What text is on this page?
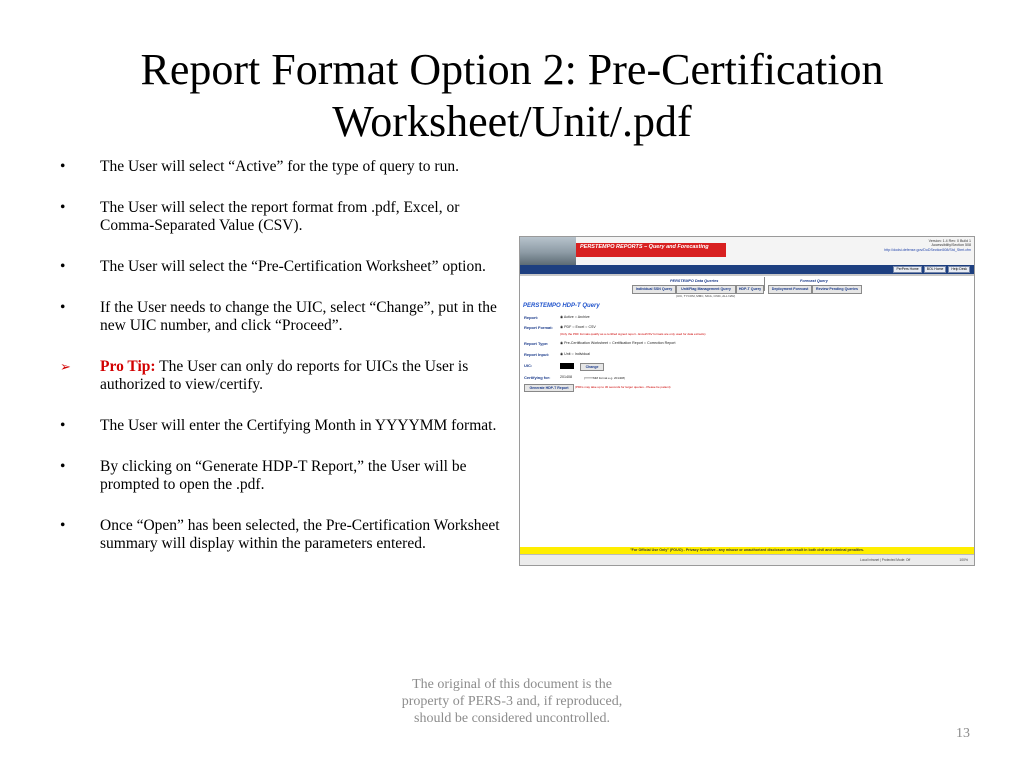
Report Format Option 2: Pre-Certification
Worksheet/Unit/.pdf
•	The User will select “Active” for the type of query to run.
•	The User will select the report format from .pdf, Excel, or Comma-Separated Value (CSV).
•	The User will select the “Pre-Certification Worksheet” option.
•	If the User needs to change the UIC, select “Change”, put in the new UIC number, and click “Proceed”.
➢	Pro Tip: The User can only do reports for UICs the User is authorized to view/certify.
•	The User will enter the Certifying Month in YYYYMM format.
•	By clicking on “Generate HDP-T Report,” the User will be prompted to open the .pdf.
•	Once “Open” has been selected, the Pre-Certification Worksheet summary will display within the parameters entered.
PERSTEMPO REPORTS – Query and Forecasting
Version: 1.4 Rev: 0 Build 1
Accessibility/Section 508
http://dodsi.defense.gov/DoDSection508/Std_Stmt.cfm
PerPers Home	BOL Home	Help Desk
PERSTEMPO Data Queries	Forecast Query
Individual SSN Query	Unit/Flag Management Query	HDP-T Query	Deployment Forecast	Review Pending Queries
(UIC, TYCOM, MMC, MCA, CNIC, ALL NAV)
PERSTEMPO HDP-T Query
Report:	◉ Active ○ Archive
Report Format: ◉ PDF ○ Excel ○ CSV
(Only the PDF formats qualify as a certified signed report - Excel/CSV formats are only used for data extracts)
Report Type:	◉ Pre-Certification Worksheet ○ Certification Report ○ Correction Report
Report Input:	◉ Unit ○ Individual
UIC:	Change
Certifying for:	201408	(YYYYMM format e.g. 201408)
Generate HDP-T Report	(PDFs may take up to 30 seconds for larger queries - Please be patient)
"For Official Use Only" (FOUO) - Privacy Sensitive - any misuse or unauthorized disclosure can result in both civil and criminal penalties.
Local intranet | Protected Mode: Off	100%
The original of this document is the
property of PERS-3 and, if reproduced,
should be considered uncontrolled.
13
